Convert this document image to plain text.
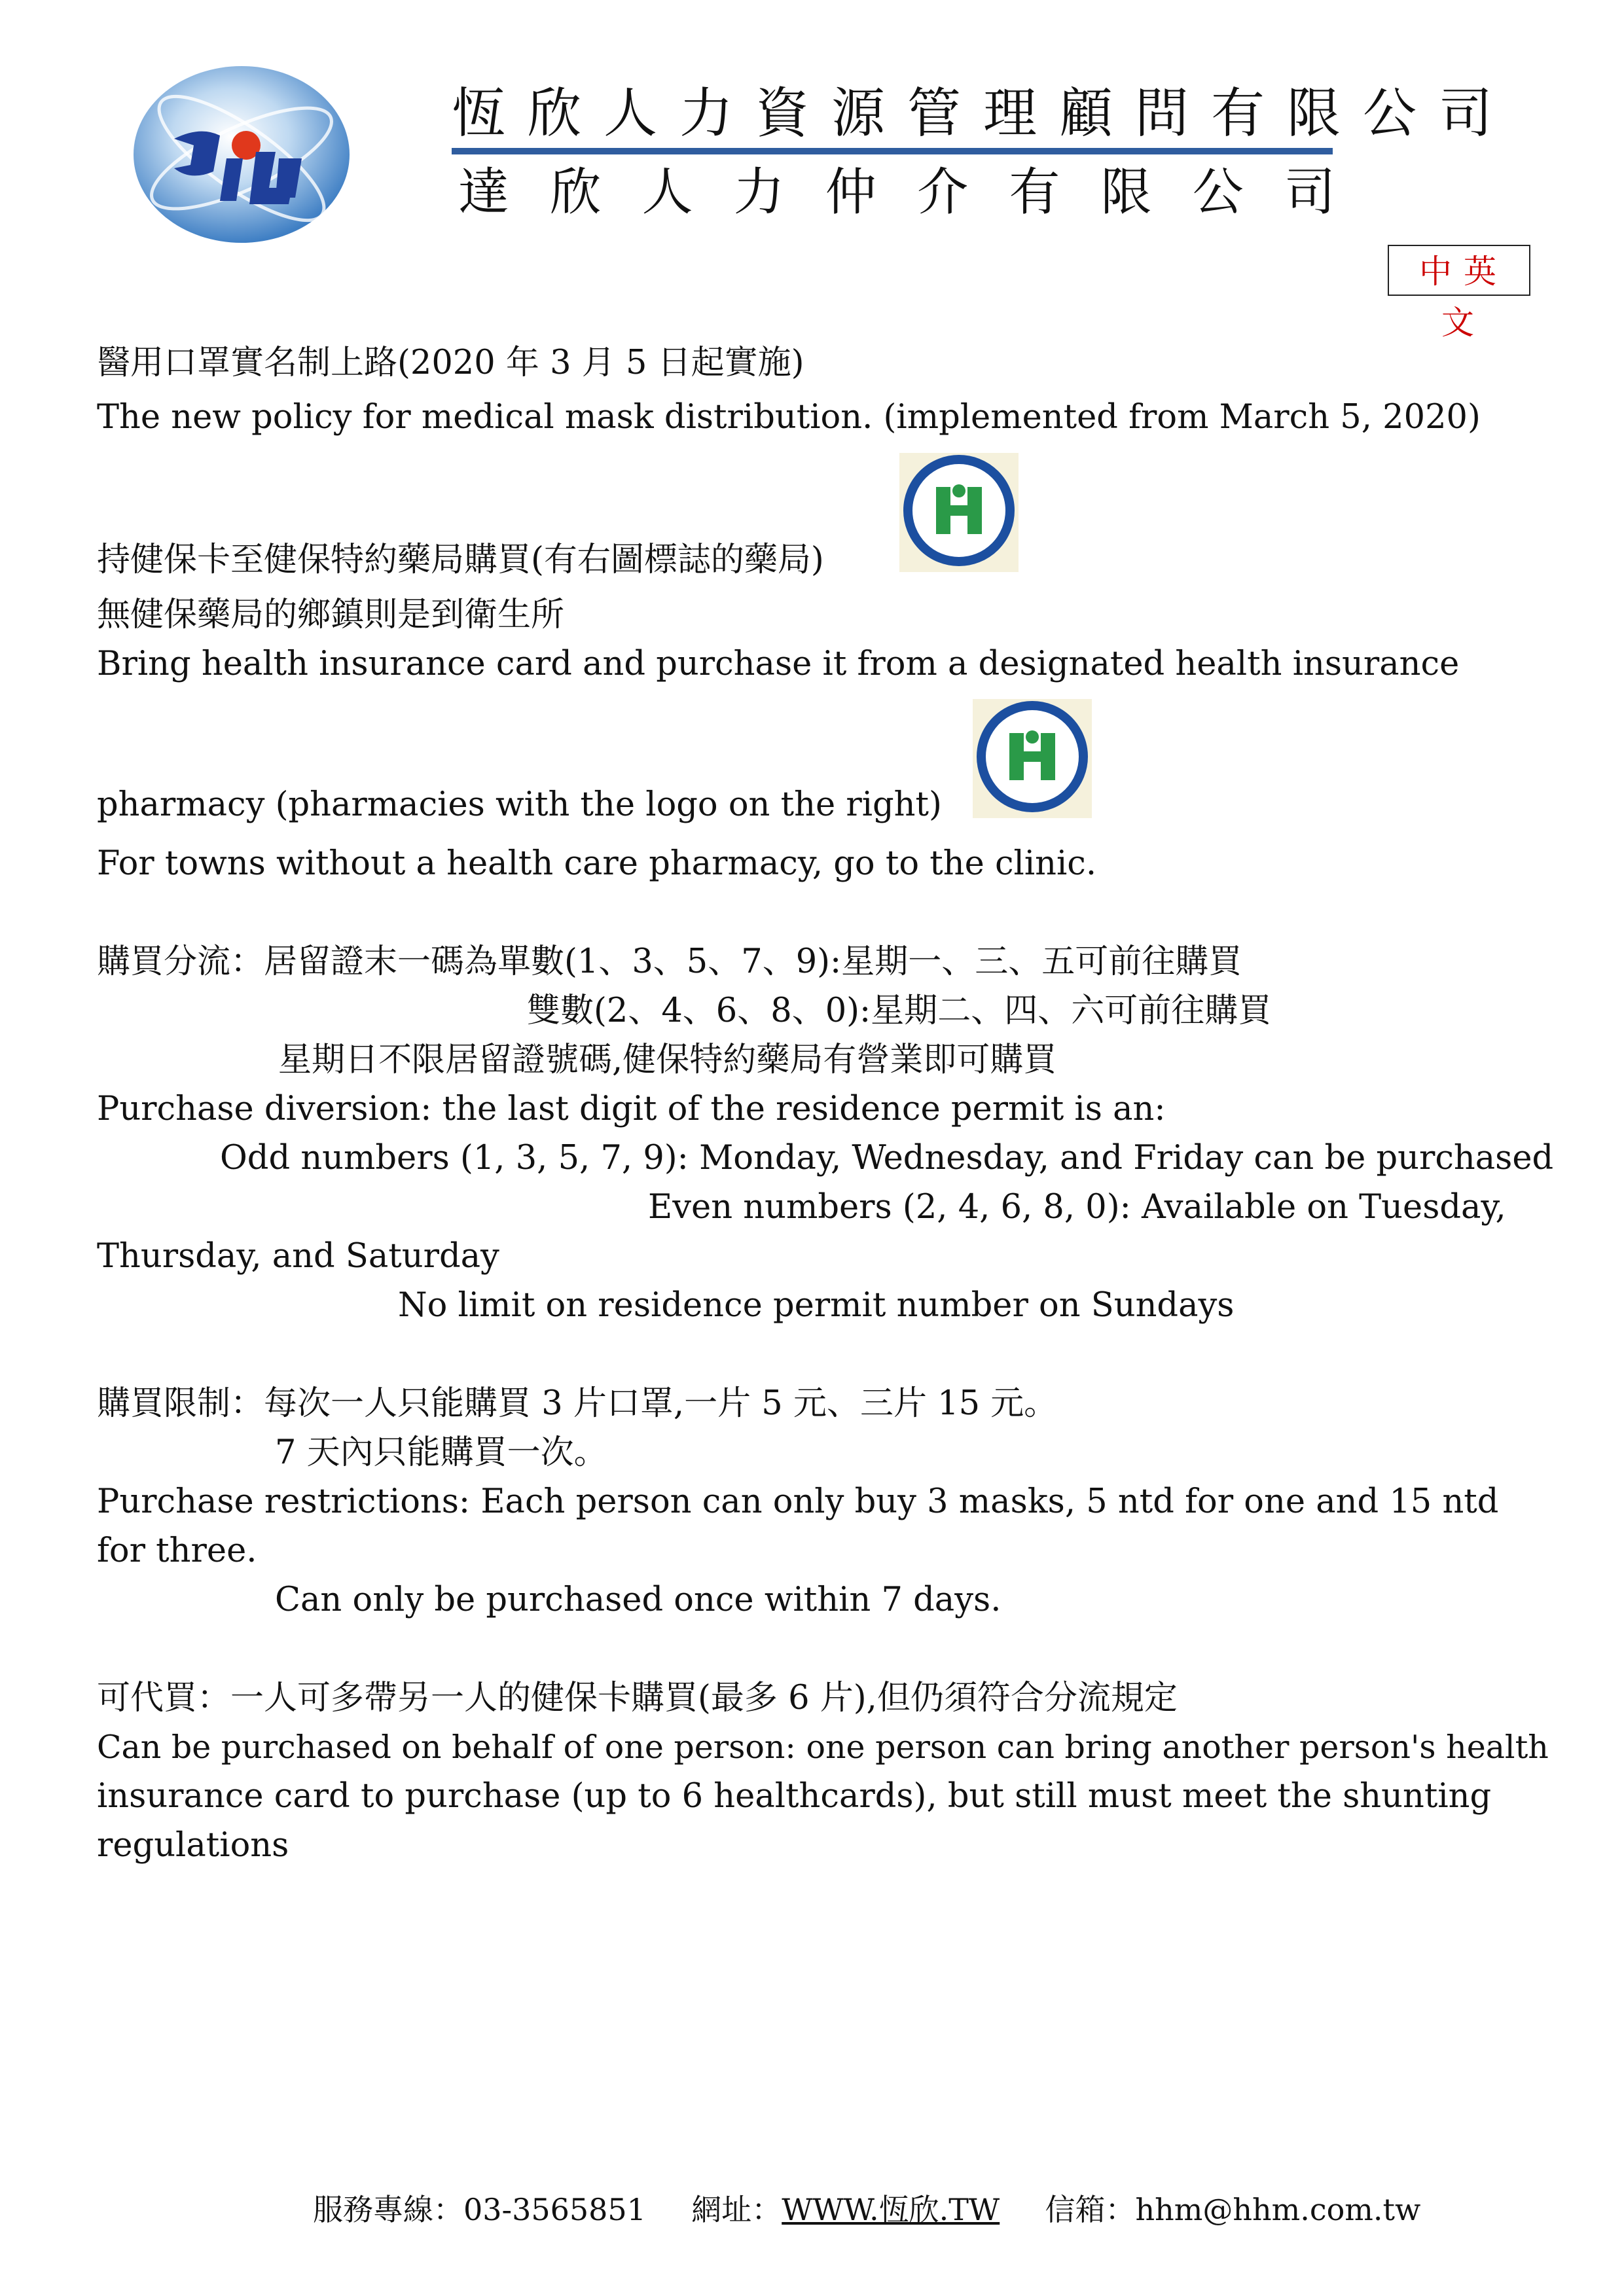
恆欣人力資源管理顧問有限公司
達 欣 人 力 仲 介 有 限 公 司
中英文
醫用口罩實名制上路(2020 年 3 月 5 日起實施)
The new policy for medical mask distribution. (implemented from March 5, 2020)
持健保卡至健保特約藥局購買(有右圖標誌的藥局)
無健保藥局的鄉鎮則是到衛生所
Bring health insurance card and purchase it from a designated health insurance
pharmacy (pharmacies with the logo on the right)
For towns without a health care pharmacy, go to the clinic.
購買分流：居留證末一碼為單數(1、3、5、7、9):星期一、三、五可前往購買
雙數(2、4、6、8、0):星期二、四、六可前往購買
星期日不限居留證號碼,健保特約藥局有營業即可購買
Purchase diversion: the last digit of the residence permit is an:
Odd numbers (1, 3, 5, 7, 9): Monday, Wednesday, and Friday can be purchased
Even numbers (2, 4, 6, 8, 0): Available on Tuesday,
Thursday, and Saturday
No limit on residence permit number on Sundays
購買限制：每次一人只能購買 3 片口罩,一片 5 元、三片 15 元。
7 天內只能購買一次。
Purchase restrictions: Each person can only buy 3 masks, 5 ntd for one and 15 ntd
for three.
Can only be purchased once within 7 days.
可代買：一人可多帶另一人的健保卡購買(最多 6 片),但仍須符合分流規定
Can be purchased on behalf of one person: one person can bring another person's health
insurance card to purchase (up to 6 healthcards), but still must meet the shunting
regulations
服務專線：03-3565851 網址：WWW.恆欣.TW 信箱：hhm@hhm.com.tw
